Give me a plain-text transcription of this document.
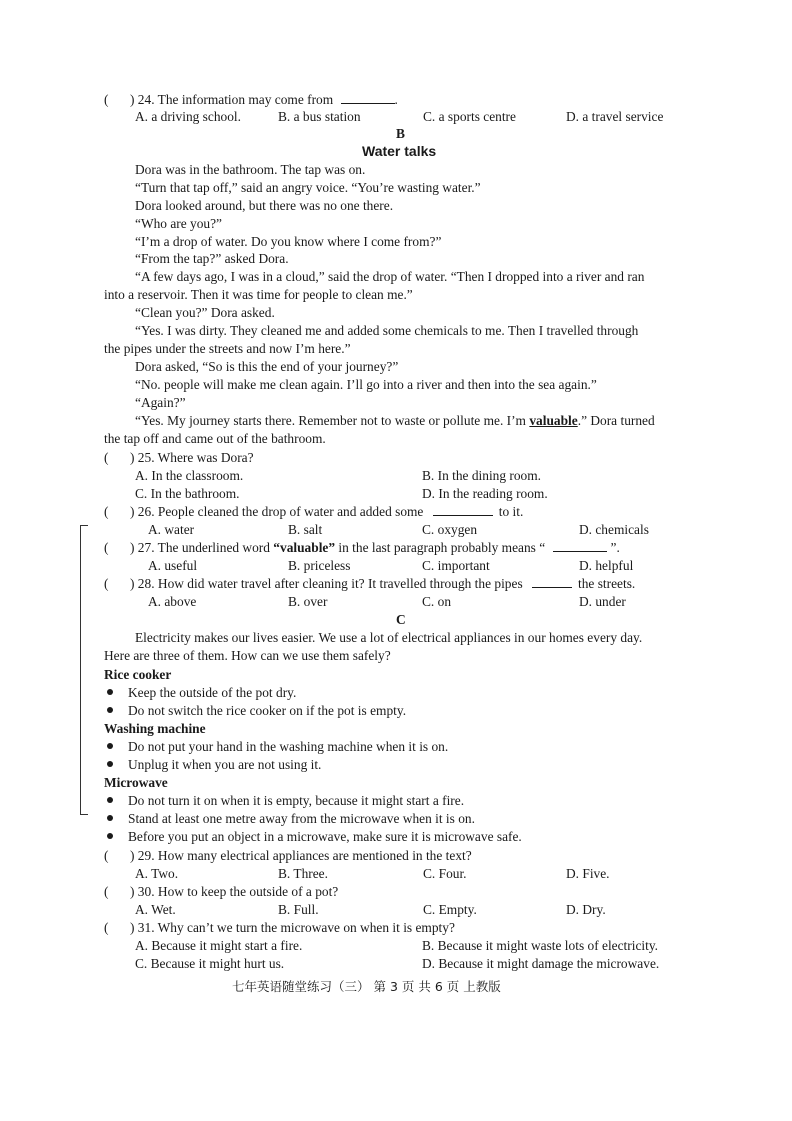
( ) 24. The information may come from	.
A. a driving school.	B. a bus station	C. a sports centre	D. a travel service
B
Water talks
Dora was in the bathroom. The tap was on.
“Turn that tap off,” said an angry voice. “You’re wasting water.”
Dora looked around, but there was no one there.
“Who are you?”
“I’m a drop of water. Do you know where I come from?”
“From the tap?” asked Dora.
“A few days ago, I was in a cloud,” said the drop of water. “Then I dropped into a river and ran
into a reservoir. Then it was time for people to clean me.”
“Clean you?” Dora asked.
“Yes. I was dirty. They cleaned me and added some chemicals to me. Then I travelled through
the pipes under the streets and now I’m here.”
Dora asked, “So is this the end of your journey?”
“No. people will make me clean again. I’ll go into a river and then into the sea again.”
“Again?”
“Yes. My journey starts there. Remember not to waste or pollute me. I’m valuable.” Dora turned
the tap off and came out of the bathroom.
( ) 25. Where was Dora?
A. In the classroom.	B. In the dining room.
C. In the bathroom.	D. In the reading room.
( ) 26. People cleaned the drop of water and added some	to it.
A. water	B. salt	C. oxygen	D. chemicals
( ) 27. The underlined word “valuable” in the last paragraph probably means “	”.
A. useful	B. priceless	C. important	D. helpful
( ) 28. How did water travel after cleaning it? It travelled through the pipes	the streets.
A. above	B. over	C. on	D. under
C
Electricity makes our lives easier. We use a lot of electrical appliances in our homes every day.
Here are three of them. How can we use them safely?
Rice cooker
Keep the outside of the pot dry.
Do not switch the rice cooker on if the pot is empty.
Washing machine
Do not put your hand in the washing machine when it is on.
Unplug it when you are not using it.
Microwave
Do not turn it on when it is empty, because it might start a fire.
Stand at least one metre away from the microwave when it is on.
Before you put an object in a microwave, make sure it is microwave safe.
( ) 29. How many electrical appliances are mentioned in the text?
A. Two.	B. Three.	C. Four.	D. Five.
( ) 30. How to keep the outside of a pot?
A. Wet.	B. Full.	C. Empty.	D. Dry.
( ) 31. Why can’t we turn the microwave on when it is empty?
A. Because it might start a fire.	B. Because it might waste lots of electricity.
C. Because it might hurt us.	D. Because it might damage the microwave.
七年英语随堂练习（三） 第 3 页 共 6 页 上教版
